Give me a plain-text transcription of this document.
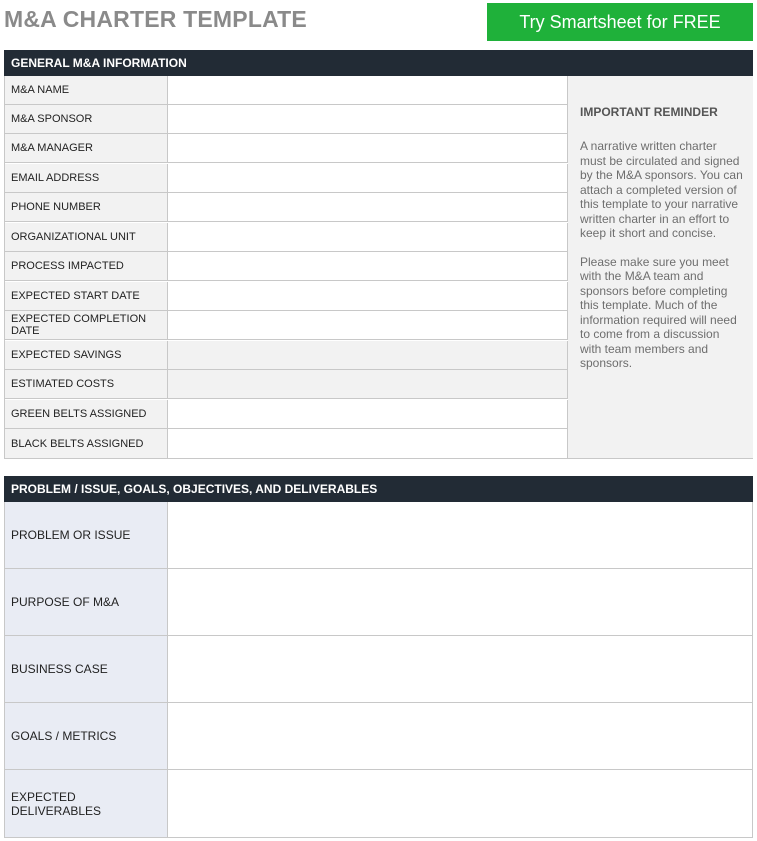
M&A CHARTER TEMPLATE	Try Smartsheet for FREE
GENERAL M&A INFORMATION
M&A NAME
M&A SPONSOR
M&A MANAGER
EMAIL ADDRESS
PHONE NUMBER
ORGANIZATIONAL UNIT
PROCESS IMPACTED
EXPECTED START DATE
EXPECTED COMPLETION DATE
EXPECTED SAVINGS
ESTIMATED COSTS
GREEN BELTS ASSIGNED
BLACK BELTS ASSIGNED
IMPORTANT REMINDER

A narrative written charter must be circulated and signed by the M&A sponsors. You can attach a completed version of this template to your narrative written charter in an effort to keep it short and concise.

Please make sure you meet with the M&A team and sponsors before completing this template. Much of the information required will need to come from a discussion with team members and sponsors.

PROBLEM / ISSUE, GOALS, OBJECTIVES, AND DELIVERABLES
PROBLEM OR ISSUE
PURPOSE OF M&A
BUSINESS CASE
GOALS / METRICS
EXPECTED DELIVERABLES
